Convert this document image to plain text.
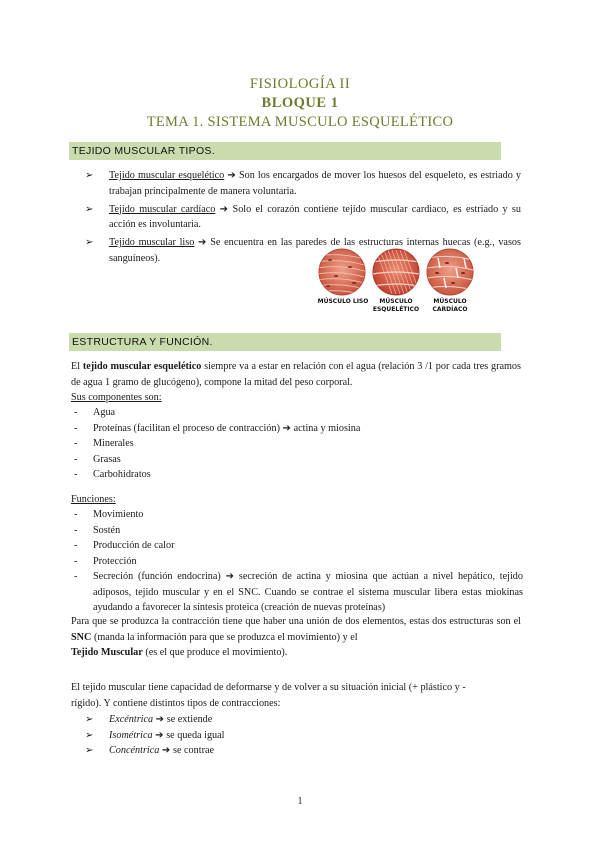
FISIOLOGÍA II
BLOQUE 1
TEMA 1. SISTEMA MUSCULO ESQUELÉTICO
TEJIDO MUSCULAR TIPOS.
➢ Tejido muscular esquelético ➔ Son los encargados de mover los huesos del esqueleto, es estriado y trabajan principalmente de manera voluntaria.
➢ Tejido muscular cardíaco ➔ Solo el corazón contiene tejido muscular cardiaco, es estriado y su acción es involuntaria.
➢ Tejido muscular liso ➔ Se encuentra en las paredes de las estructuras internas huecas (e.g., vasos sanguíneos).
MÚSCULO LISO	MÚSCULO ESQUELÉTICO
MÚSCULO CARDÍACO
ESTRUCTURA Y FUNCIÓN.
El tejido muscular esquelético siempre va a estar en relación con el agua (relación 3 /1 por cada tres gramos de agua 1 gramo de glucógeno), compone la mitad del peso corporal.
Sus componentes son:
- Agua
- Proteínas (facilitan el proceso de contracción) ➔ actina y miosina
- Minerales
- Grasas
- Carbohidratos
Funciones:
- Movimiento
- Sostén
- Producción de calor
- Protección
- Secreción (función endocrina) ➔ secreción de actina y miosina que actúan a nivel hepático, tejido adiposos, tejido muscular y en el SNC. Cuando se contrae el sistema muscular libera estas miokinas ayudando a favorecer la síntesis proteica (creación de nuevas proteínas)
Para que se produzca la contracción tiene que haber una unión de dos elementos, estas dos estructuras son el SNC (manda la información para que se produzca el movimiento) y el
Tejido Muscular (es el que produce el movimiento).
El tejido muscular tiene capacidad de deformarse y de volver a su situación inicial (+ plástico y - rígido). Y contiene distintos tipos de contracciones:
➢ Excéntrica ➔ se extiende
➢ Isométrica ➔ se queda igual
➢ Concéntrica ➔ se contrae
1
